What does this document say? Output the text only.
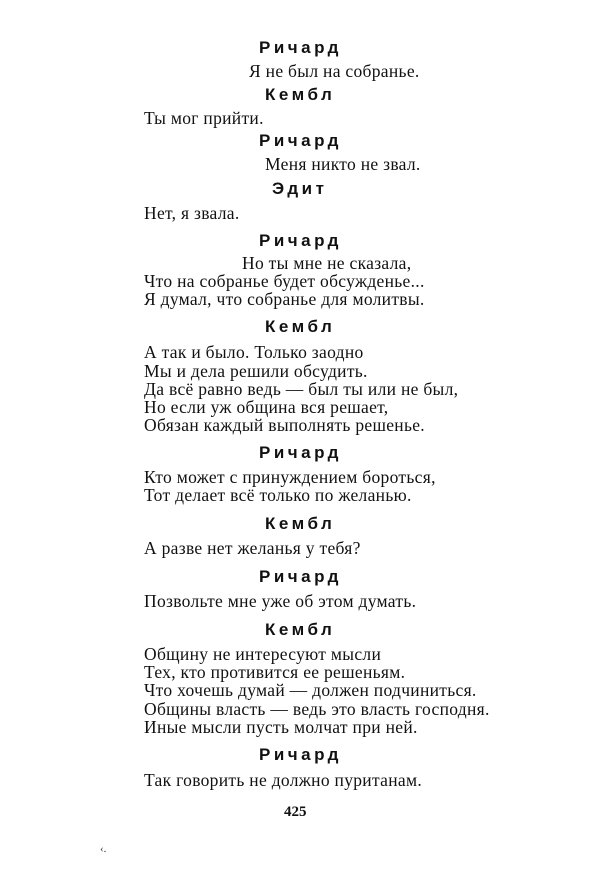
Ричард
Я не был на собранье.
Кембл
Ты мог прийти.
Ричард
Меня никто не звал.
Эдит
Нет, я звала.
Ричард
Но ты мне не сказала,
Что на собранье будет обсужденье...
Я думал, что собранье для молитвы.
Кембл
А так и было. Только заодно
Мы и дела решили обсудить.
Да всё равно ведь — был ты или не был,
Но если уж община вся решает,
Обязан каждый выполнять решенье.
Ричард
Кто может с принуждением бороться,
Тот делает всё только по желанью.
Кембл
А разве нет желанья у тебя?
Ричард
Позвольте мне уже об этом думать.
Кембл
Общину не интересуют мысли
Тех, кто противится ее решеньям.
Что хочешь думай — должен подчиниться.
Общины власть — ведь это власть господня.
Иные мысли пусть молчат при ней.
Ричард
Так говорить не должно пуританам.
425
‹.
